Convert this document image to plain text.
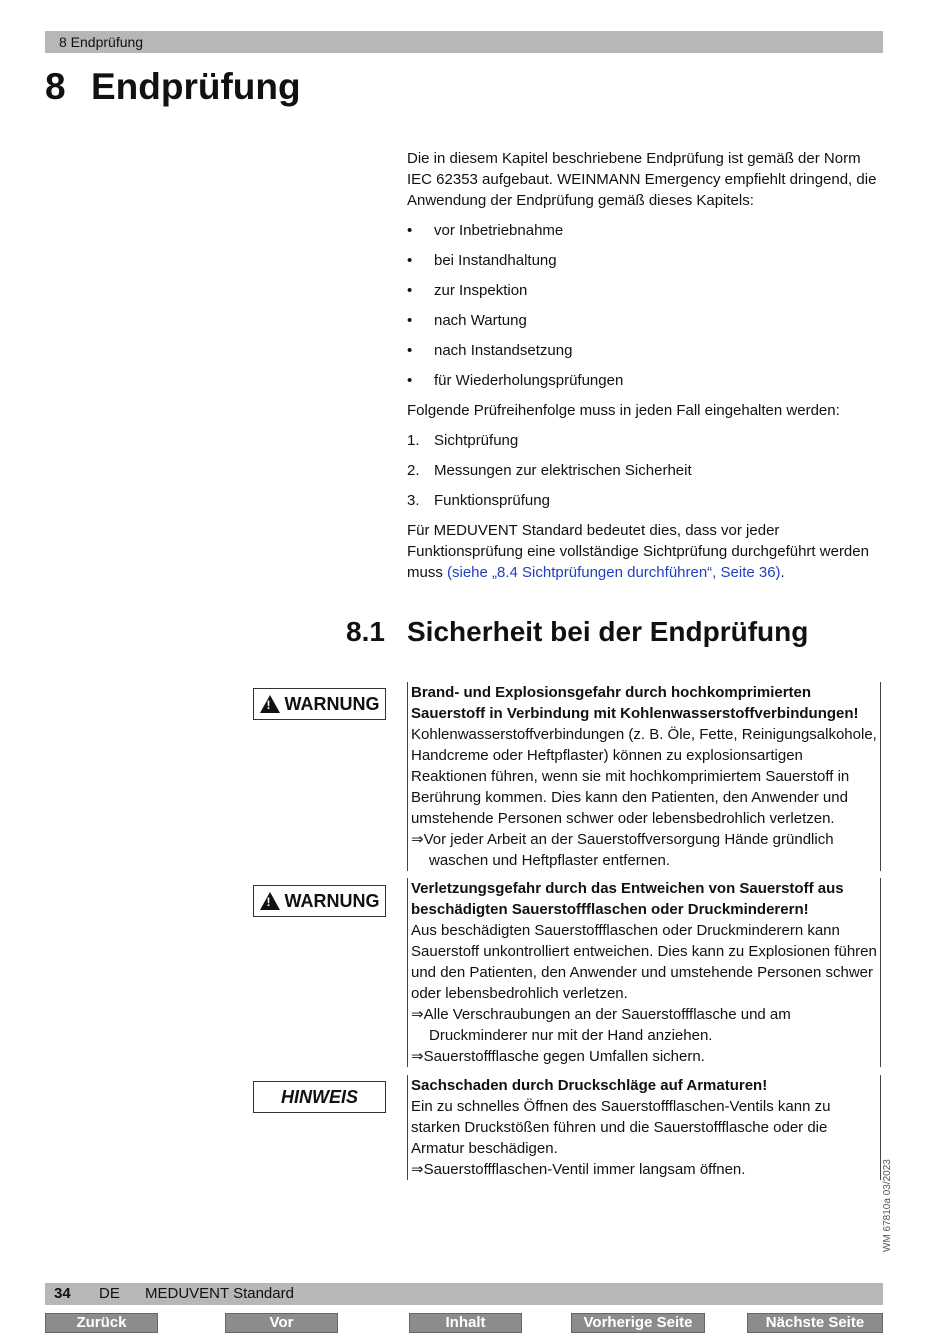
8 Endprüfung
8 Endprüfung

Die in diesem Kapitel beschriebene Endprüfung ist gemäß der Norm IEC 62353 aufgebaut. WEINMANN Emergency empfiehlt dringend, die Anwendung der Endprüfung gemäß dieses Kapitels:

• vor Inbetriebnahme
• bei Instandhaltung
• zur Inspektion
• nach Wartung
• nach Instandsetzung
• für Wiederholungsprüfungen

Folgende Prüfreihenfolge muss in jeden Fall eingehalten werden:

1. Sichtprüfung
2. Messungen zur elektrischen Sicherheit
3. Funktionsprüfung

Für MEDUVENT Standard bedeutet dies, dass vor jeder Funktionsprüfung eine vollständige Sichtprüfung durchgeführt werden muss (siehe „8.4 Sichtprüfungen durchführen“, Seite 36).

8.1 Sicherheit bei der Endprüfung
!
WARNUNG

Brand- und Explosionsgefahr durch hochkomprimierten Sauerstoff in Verbindung mit Kohlenwasserstoffverbindungen!

Kohlenwasserstoffverbindungen (z. B. Öle, Fette, Reinigungsalkohole, Handcreme oder Heftpflaster) können zu explosionsartigen Reaktionen führen, wenn sie mit hochkomprimiertem Sauerstoff in Berührung kommen. Dies kann den Patienten, den Anwender und umstehende Personen schwer oder lebensbedrohlich verletzen.

⇒Vor jeder Arbeit an der Sauerstoffversorgung Hände gründlich waschen und Heftpflaster entfernen.

!
WARNUNG

Verletzungsgefahr durch das Entweichen von Sauerstoff aus beschädigten Sauerstoffflaschen oder Druckminderern!

Aus beschädigten Sauerstoffflaschen oder Druckminderern kann Sauerstoff unkontrolliert entweichen. Dies kann zu Explosionen führen und den Patienten, den Anwender und umstehende Personen schwer oder lebensbedrohlich verletzen.

⇒Alle Verschraubungen an der Sauerstoffflasche und am Druckminderer nur mit der Hand anziehen.

⇒Sauerstoffflasche gegen Umfallen sichern.

HINWEIS

Sachschaden durch Druckschläge auf Armaturen!

Ein zu schnelles Öffnen des Sauerstoffflaschen-Ventils kann zu starken Druckstößen führen und die Sauerstoffflasche oder die Armatur beschädigen.

⇒Sauerstoffflaschen-Ventil immer langsam öffnen.	WM 67810a 03/2023
34 DE MEDUVENT Standard
Zurück	Vor	Inhalt	Vorherige Seite	Nächste Seite
